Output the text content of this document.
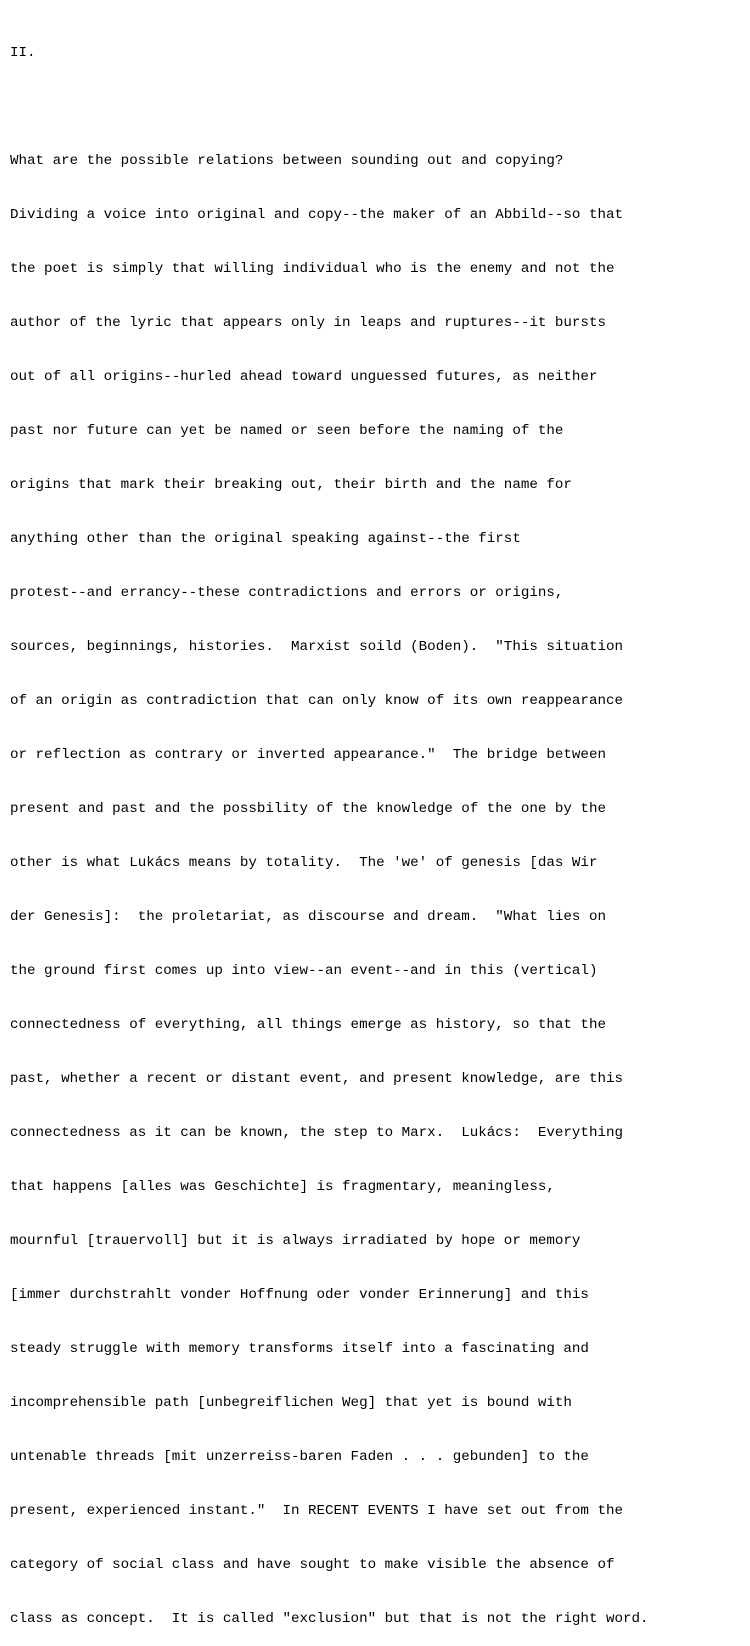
II.

What are the possible relations between sounding out and copying?

Dividing a voice into original and copy--the maker of an Abbild--so that

the poet is simply that willing individual who is the enemy and not the

author of the lyric that appears only in leaps and ruptures--it bursts

out of all origins--hurled ahead toward unguessed futures, as neither

past nor future can yet be named or seen before the naming of the

origins that mark their breaking out, their birth and the name for

anything other than the original speaking against--the first

protest--and errancy--these contradictions and errors or origins,

sources, beginnings, histories.  Marxist soild (Boden).  "This situation

of an origin as contradiction that can only know of its own reappearance

or reflection as contrary or inverted appearance."  The bridge between

present and past and the possbility of the knowledge of the one by the

other is what Lukács means by totality.  The 'we' of genesis [das Wir

der Genesis]:  the proletariat, as discourse and dream.  "What lies on

the ground first comes up into view--an event--and in this (vertical)

connectedness of everything, all things emerge as history, so that the

past, whether a recent or distant event, and present knowledge, are this

connectedness as it can be known, the step to Marx.  Lukács:  Everything

that happens [alles was Geschichte] is fragmentary, meaningless,

mournful [trauervoll] but it is always irradiated by hope or memory

[immer durchstrahlt vonder Hoffnung oder vonder Erinnerung] and this

steady struggle with memory transforms itself into a fascinating and

incomprehensible path [unbegreiflichen Weg] that yet is bound with

untenable threads [mit unzerreiss-baren Faden . . . gebunden] to the

present, experienced instant."  In RECENT EVENTS I have set out from the

category of social class and have sought to make visible the absence of

class as concept.  It is called "exclusion" but that is not the right word.
